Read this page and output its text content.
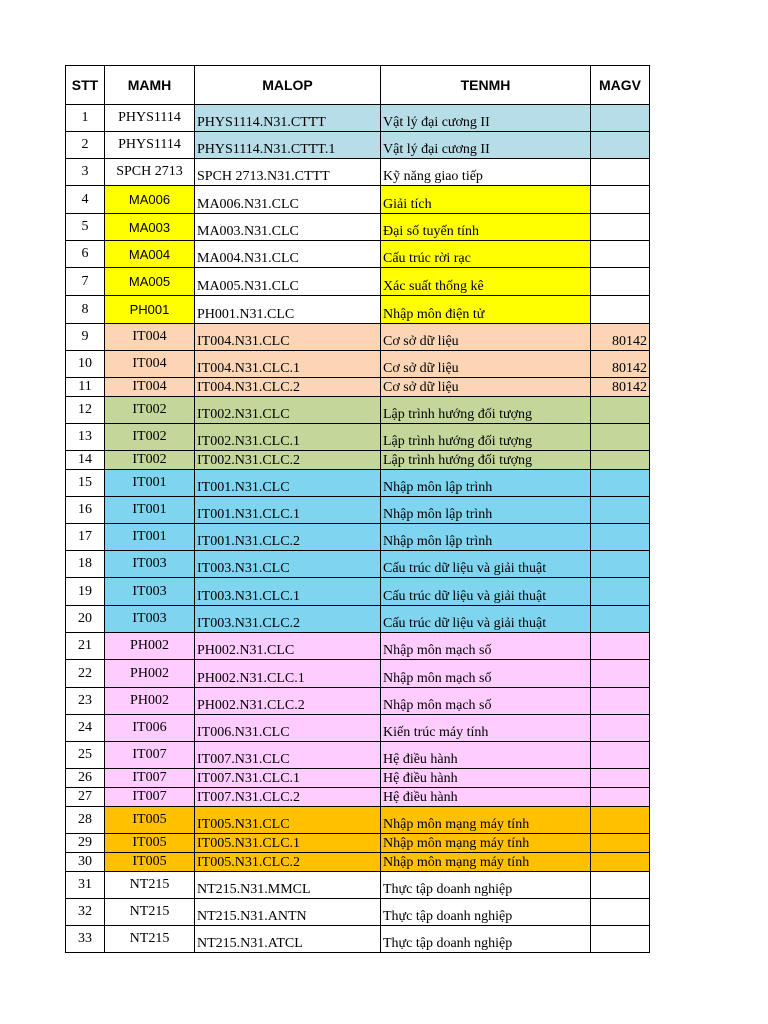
STT	MAMH	MALOP	TENMH	MAGV
1	PHYS1114	PHYS1114.N31.CTTT	Vật lý đại cương II	
2	PHYS1114	PHYS1114.N31.CTTT.1	Vật lý đại cương II	
3	SPCH 2713	SPCH 2713.N31.CTTT	Kỹ năng giao tiếp	
4	MA006	MA006.N31.CLC	Giải tích	
5	MA003	MA003.N31.CLC	Đại số tuyến tính	
6	MA004	MA004.N31.CLC	Cấu trúc rời rạc	
7	MA005	MA005.N31.CLC	Xác suất thống kê	
8	PH001	PH001.N31.CLC	Nhập môn điện tử	
9	IT004	IT004.N31.CLC	Cơ sở dữ liệu	80142
10	IT004	IT004.N31.CLC.1	Cơ sở dữ liệu	80142
11	IT004	IT004.N31.CLC.2	Cơ sở dữ liệu	80142
12	IT002	IT002.N31.CLC	Lập trình hướng đối tượng	
13	IT002	IT002.N31.CLC.1	Lập trình hướng đối tượng	
14	IT002	IT002.N31.CLC.2	Lập trình hướng đối tượng	
15	IT001	IT001.N31.CLC	Nhập môn lập trình	
16	IT001	IT001.N31.CLC.1	Nhập môn lập trình	
17	IT001	IT001.N31.CLC.2	Nhập môn lập trình	
18	IT003	IT003.N31.CLC	Cấu trúc dữ liệu và giải thuật	
19	IT003	IT003.N31.CLC.1	Cấu trúc dữ liệu và giải thuật	
20	IT003	IT003.N31.CLC.2	Cấu trúc dữ liệu và giải thuật	
21	PH002	PH002.N31.CLC	Nhập môn mạch số	
22	PH002	PH002.N31.CLC.1	Nhập môn mạch số	
23	PH002	PH002.N31.CLC.2	Nhập môn mạch số	
24	IT006	IT006.N31.CLC	Kiến trúc máy tính	
25	IT007	IT007.N31.CLC	Hệ điều hành	
26	IT007	IT007.N31.CLC.1	Hệ điều hành	
27	IT007	IT007.N31.CLC.2	Hệ điều hành	
28	IT005	IT005.N31.CLC	Nhập môn mạng máy tính	
29	IT005	IT005.N31.CLC.1	Nhập môn mạng máy tính	
30	IT005	IT005.N31.CLC.2	Nhập môn mạng máy tính	
31	NT215	NT215.N31.MMCL	Thực tập doanh nghiệp	
32	NT215	NT215.N31.ANTN	Thực tập doanh nghiệp	
33	NT215	NT215.N31.ATCL	Thực tập doanh nghiệp	
